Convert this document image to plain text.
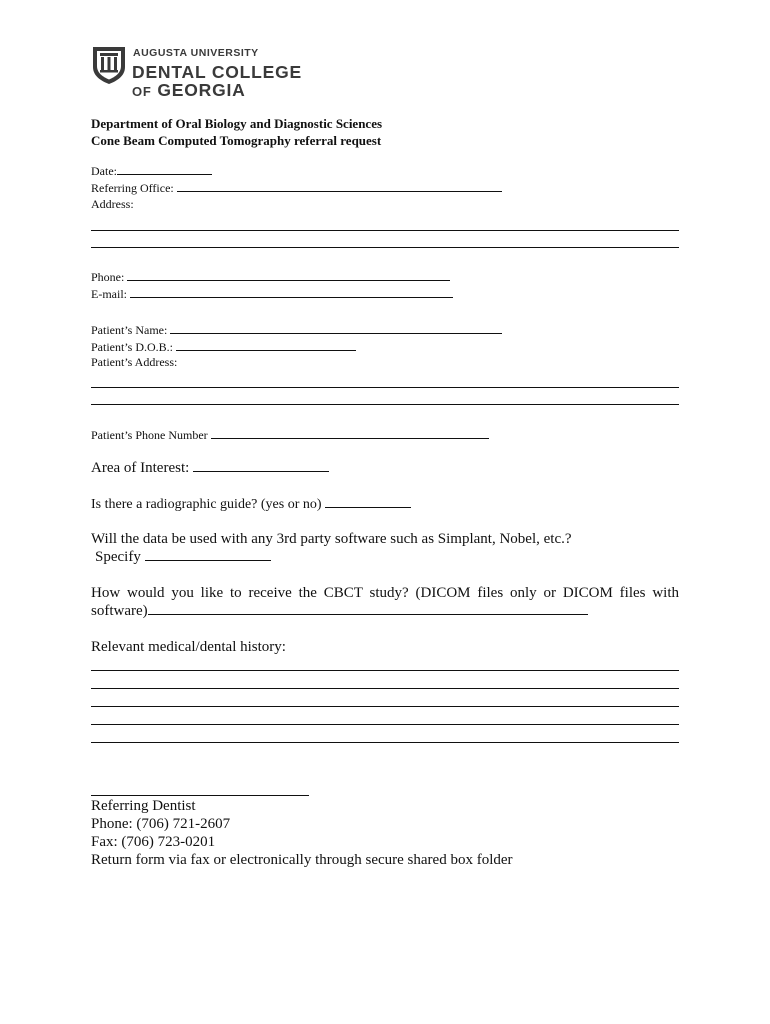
AUGUSTA UNIVERSITY
DENTAL COLLEGE
OF GEORGIA
Department of Oral Biology and Diagnostic Sciences
Cone Beam Computed Tomography referral request
Date:
Referring Office:
Address:
Phone:
E-mail:
Patient’s Name:
Patient’s D.O.B.:
Patient’s Address:
Patient’s Phone Number
Area of Interest:
Is there a radiographic guide? (yes or no)
Will the data be used with any 3rd party software such as Simplant, Nobel, etc.?
Specify
How would you like to receive the CBCT study? (DICOM files only or DICOM files with
software)
Relevant medical/dental history:
Referring Dentist
Phone: (706) 721-2607
Fax: (706) 723-0201
Return form via fax or electronically through secure shared box folder
